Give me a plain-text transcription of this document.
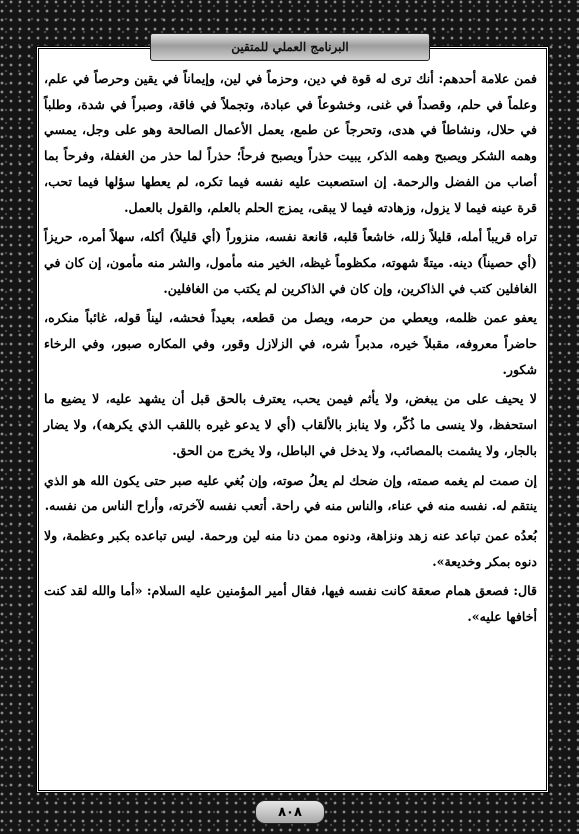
البرنامج العملي للمتقين

فمن علامة أحدهم: أنك ترى له قوة في دين، وحزماً في لين، وإيماناً في يقين وحرصاً في علم، وعلماً في حلم، وقصداً في غنى، وخشوعاً في عبادة، وتجملاً في فاقة، وصبراً في شدة، وطلباً في حلال، ونشاطاً في هدى، وتحرجاً عن طمع، يعمل الأعمال الصالحة وهو على وجل، يمسي وهمه الشكر ويصبح وهمه الذكر، يبيت حذراً ويصبح فرحاً؛ حذراً لما حذر من الغفلة، وفرحاً بما أصاب من الفضل والرحمة. إن استصعبت عليه نفسه فيما تكره، لم يعطها سؤلها فيما تحب، قرة عينه فيما لا يزول، وزهادته فيما لا يبقى، يمزج الحلم بالعلم، والقول بالعمل.

تراه قريباً أمله، قليلاً زلله، خاشعاً قلبه، قانعة نفسه، منزوراً (أي قليلاً) أكله، سهلاً أمره، حريزاً (أي حصيناً) دينه. ميتةً شهوته، مكظوماً غيظه، الخير منه مأمول، والشر منه مأمون، إن كان في الغافلين كتب في الذاكرين، وإن كان في الذاكرين لم يكتب من الغافلين.

يعفو عمن ظلمه، ويعطي من حرمه، ويصل من قطعه، بعيداً فحشه، ليناً قوله، غائباً منكره، حاضراً معروفه، مقبلاً خيره، مدبراً شره، في الزلازل وقور، وفي المكاره صبور، وفي الرخاء شكور.

لا يحيف على من يبغض، ولا يأثم فيمن يحب، يعترف بالحق قبل أن يشهد عليه، لا يضيع ما استحفظ، ولا ينسى ما ذُكّر، ولا ينابز بالألقاب (أي لا يدعو غيره باللقب الذي يكرهه)، ولا يضار بالجار، ولا يشمت بالمصائب، ولا يدخل في الباطل، ولا يخرج من الحق.

إن صمت لم يغمه صمته، وإن ضحك لم يعلُ صوته، وإن بُغي عليه صبر حتى يكون الله هو الذي ينتقم له. نفسه منه في عناء، والناس منه في راحة. أتعب نفسه لآخرته، وأراح الناس من نفسه.

بُعدُه عمن تباعد عنه زهد ونزاهة، ودنوه ممن دنا منه لين ورحمة. ليس تباعده بكبر وعظمة، ولا دنوه بمكر وخديعة».

قال: فصعق همام صعقة كانت نفسه فيها، فقال أمير المؤمنين عليه السلام: «أما والله لقد كنت أخافها عليه».

٨٠٨
